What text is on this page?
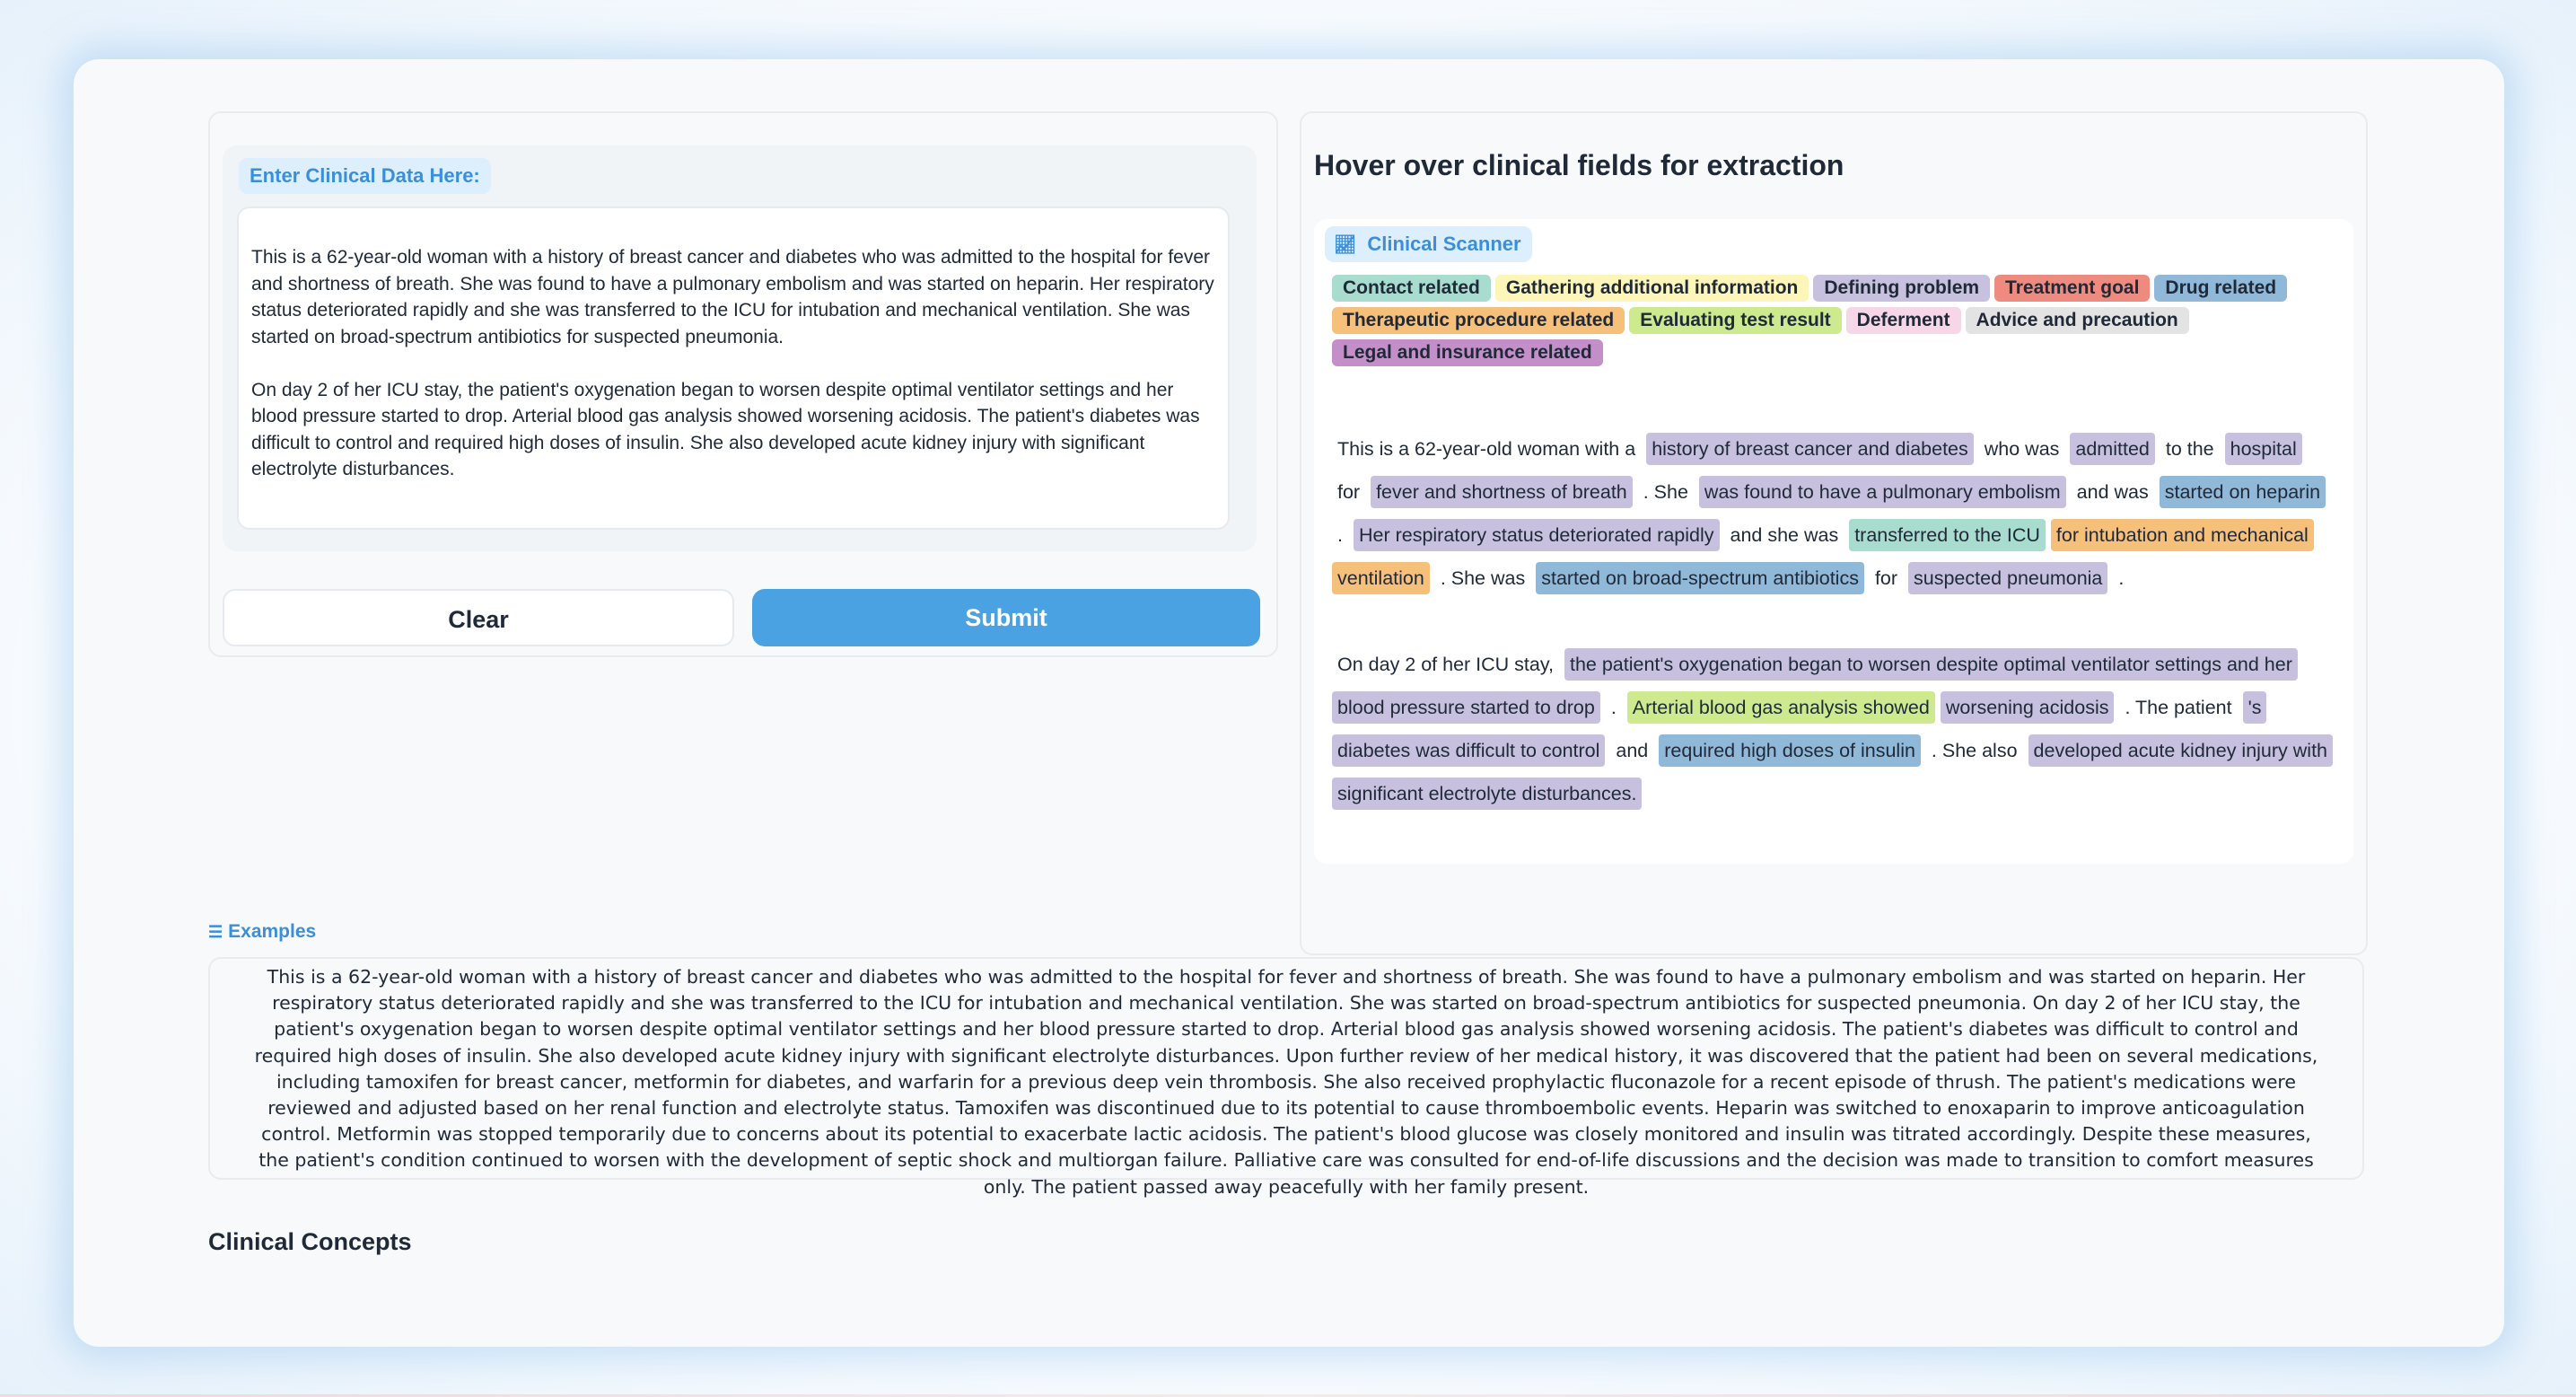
Enter Clinical Data Here:
This is a 62-year-old woman with a history of breast cancer and diabetes who was admitted to the hospital for fever and shortness of breath. She was found to have a pulmonary embolism and was started on heparin. Her respiratory status deteriorated rapidly and she was transferred to the ICU for intubation and mechanical ventilation. She was started on broad-spectrum antibiotics for suspected pneumonia.

On day 2 of her ICU stay, the patient's oxygenation began to worsen despite optimal ventilator settings and her blood pressure started to drop. Arterial blood gas analysis showed worsening acidosis. The patient's diabetes was difficult to control and required high doses of insulin. She also developed acute kidney injury with significant electrolyte disturbances.
Clear	Submit
Hover over clinical fields for extraction
📈︎ Clinical Scanner
Contact related Gathering additional information Defining problem Treatment goal Drug relatedTherapeutic procedure related Evaluating test result Deferment Advice and precautionLegal and insurance related
This is a 62-year-old woman with a history of breast cancer and diabetes who was admitted to the hospital for fever and shortness of breath . She was found to have a pulmonary embolism and was started on heparin . Her respiratory status deteriorated rapidly and she was transferred to the ICU for intubation and mechanical ventilation . She was started on broad-spectrum antibiotics for suspected pneumonia .
On day 2 of her ICU stay, the patient's oxygenation began to worsen despite optimal ventilator settings and her blood pressure started to drop . Arterial blood gas analysis showed worsening acidosis . The patient 's diabetes was difficult to control and required high doses of insulin . She also developed acute kidney injury with significant electrolyte disturbances.
☰ Examples
This is a 62-year-old woman with a history of breast cancer and diabetes who was admitted to the hospital for fever and shortness of breath. She was found to have a pulmonary embolism and was started on heparin. Her respiratory status deteriorated rapidly and she was transferred to the ICU for intubation and mechanical ventilation. She was started on broad-spectrum antibiotics for suspected pneumonia. On day 2 of her ICU stay, the patient's oxygenation began to worsen despite optimal ventilator settings and her blood pressure started to drop. Arterial blood gas analysis showed worsening acidosis. The patient's diabetes was difficult to control and required high doses of insulin. She also developed acute kidney injury with significant electrolyte disturbances. Upon further review of her medical history, it was discovered that the patient had been on several medications, including tamoxifen for breast cancer, metformin for diabetes, and warfarin for a previous deep vein thrombosis. She also received prophylactic fluconazole for a recent episode of thrush. The patient's medications were reviewed and adjusted based on her renal function and electrolyte status. Tamoxifen was discontinued due to its potential to cause thromboembolic events. Heparin was switched to enoxaparin to improve anticoagulation control. Metformin was stopped temporarily due to concerns about its potential to exacerbate lactic acidosis. The patient's blood glucose was closely monitored and insulin was titrated accordingly. Despite these measures, the patient's condition continued to worsen with the development of septic shock and multiorgan failure. Palliative care was consulted for end-of-life discussions and the decision was made to transition to comfort measures only. The patient passed away peacefully with her family present.
Clinical Concepts
